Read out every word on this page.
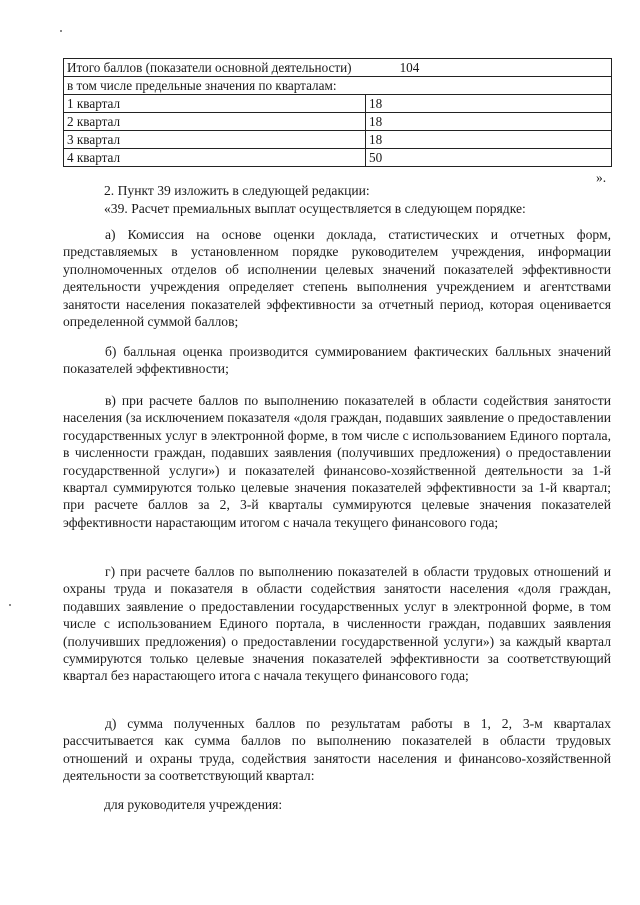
Итого баллов (показатели основной деятельности) 104	
в том числе предельные значения по кварталам:	
1 квартал	18
2 квартал	18
3 квартал	18
4 квартал	50
».

2. Пункт 39 изложить в следующей редакции:

«39. Расчет премиальных выплат осуществляется в следующем порядке:

а) Комиссия на основе оценки доклада, статистических и отчетных форм, представляемых в установленном порядке руководителем учреждения, информации уполномоченных отделов об исполнении целевых значений показателей эффективности деятельности учреждения определяет степень выполнения учреждением и агентствами занятости населения показателей эффективности за отчетный период, которая оценивается определенной суммой баллов;

б) балльная оценка производится суммированием фактических балльных значений показателей эффективности;

в) при расчете баллов по выполнению показателей в области содействия занятости населения (за исключением показателя «доля граждан, подавших заявление о предоставлении государственных услуг в электронной форме, в том числе с использованием Единого портала, в численности граждан, подавших заявления (получивших предложения) о предоставлении государственной услуги») и показателей финансово-хозяйственной деятельности за 1-й квартал суммируются только целевые значения показателей эффективности за 1-й квартал; при расчете баллов за 2, 3-й кварталы суммируются целевые значения показателей эффективности нарастающим итогом с начала текущего финансового года;

г) при расчете баллов по выполнению показателей в области трудовых отношений и охраны труда и показателя в области содействия занятости населения «доля граждан, подавших заявление о предоставлении государственных услуг в электронной форме, в том числе с использованием Единого портала, в численности граждан, подавших заявления (получивших предложения) о предоставлении государственной услуги») за каждый квартал суммируются только целевые значения показателей эффективности за соответствующий квартал без нарастающего итога с начала текущего финансового года;

д) сумма полученных баллов по результатам работы в 1, 2, 3-м кварталах рассчитывается как сумма баллов по выполнению показателей в области трудовых отношений и охраны труда, содействия занятости населения и финансово-хозяйственной деятельности за соответствующий квартал:

для руководителя учреждения:
